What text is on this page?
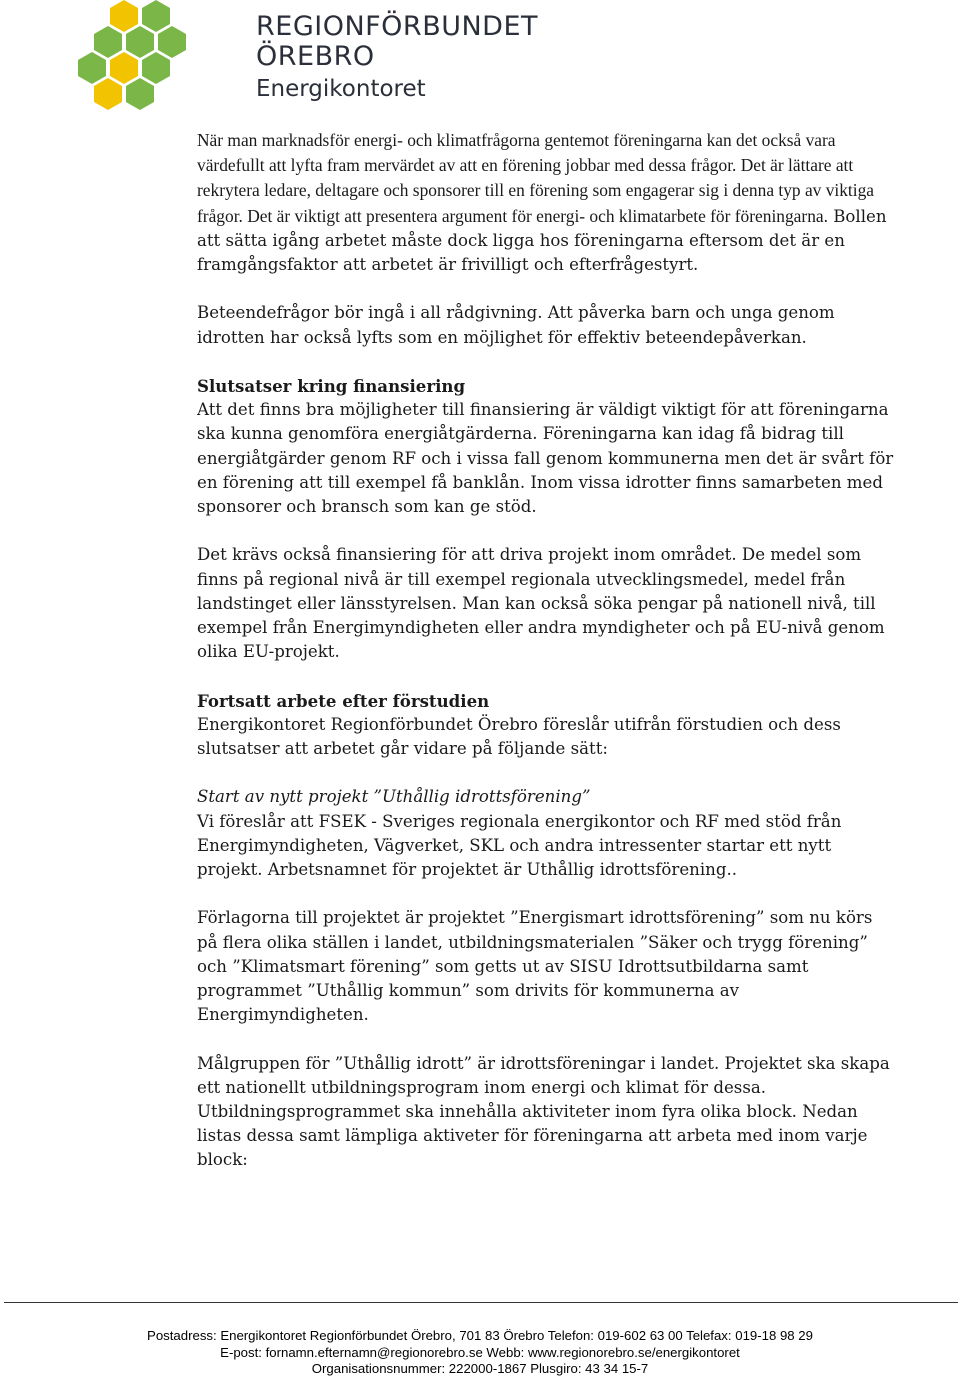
REGIONFÖRBUNDET
ÖREBRO
Energikontoret

När man marknadsför energi- och klimatfrågorna gentemot föreningarna kan det också vara värdefullt att lyfta fram mervärdet av att en förening jobbar med dessa frågor. Det är lättare att rekrytera ledare, deltagare och sponsorer till en förening som engagerar sig i denna typ av viktiga frågor. Det är viktigt att presentera argument för energi- och klimatarbete för föreningarna. Bollen att sätta igång arbetet måste dock ligga hos föreningarna eftersom det är en framgångsfaktor att arbetet är frivilligt och efterfrågestyrt.

Beteendefrågor bör ingå i all rådgivning. Att påverka barn och unga genom idrotten har också lyfts som en möjlighet för effektiv beteendepåverkan.

Slutsatser kring finansiering

Att det finns bra möjligheter till finansiering är väldigt viktigt för att föreningarna ska kunna genomföra energiåtgärderna. Föreningarna kan idag få bidrag till energiåtgärder genom RF och i vissa fall genom kommunerna men det är svårt för en förening att till exempel få banklån. Inom vissa idrotter finns samarbeten med sponsorer och bransch som kan ge stöd.

Det krävs också finansiering för att driva projekt inom området. De medel som finns på regional nivå är till exempel regionala utvecklingsmedel, medel från landstinget eller länsstyrelsen. Man kan också söka pengar på nationell nivå, till exempel från Energimyndigheten eller andra myndigheter och på EU-nivå genom olika EU-projekt.

Fortsatt arbete efter förstudien

Energikontoret Regionförbundet Örebro föreslår utifrån förstudien och dess slutsatser att arbetet går vidare på följande sätt:

Start av nytt projekt ”Uthållig idrottsförening”

Vi föreslår att FSEK - Sveriges regionala energikontor och RF med stöd från Energimyndigheten, Vägverket, SKL och andra intressenter startar ett nytt projekt. Arbetsnamnet för projektet är Uthållig idrottsförening..

Förlagorna till projektet är projektet ”Energismart idrottsförening” som nu körs på flera olika ställen i landet, utbildningsmaterialen ”Säker och trygg förening” och ”Klimatsmart förening” som getts ut av SISU Idrottsutbildarna samt programmet ”Uthållig kommun” som drivits för kommunerna av Energimyndigheten.

Målgruppen för ”Uthållig idrott” är idrottsföreningar i landet. Projektet ska skapa ett nationellt utbildningsprogram inom energi och klimat för dessa. Utbildningsprogrammet ska innehålla aktiviteter inom fyra olika block. Nedan listas dessa samt lämpliga aktiveter för föreningarna att arbeta med inom varje block:

Postadress: Energikontoret Regionförbundet Örebro, 701 83 Örebro Telefon: 019-602 63 00 Telefax: 019-18 98 29
E-post: fornamn.efternamn@regionorebro.se Webb: www.regionorebro.se/energikontoret
Organisationsnummer: 222000-1867 Plusgiro: 43 34 15-7
